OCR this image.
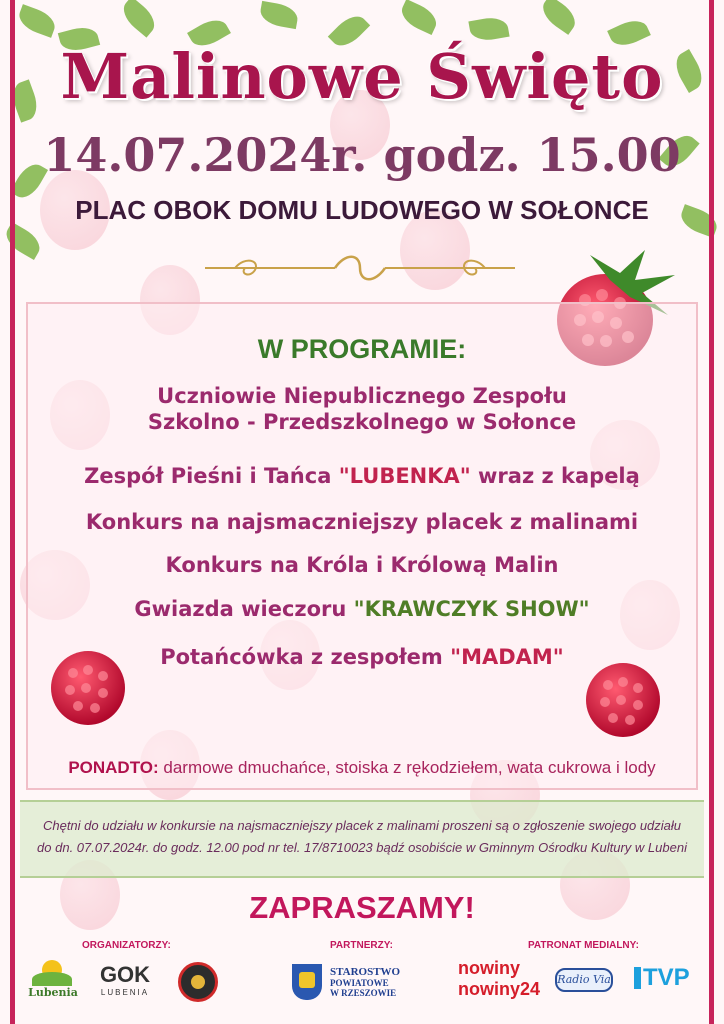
Malinowe Święto
14.07.2024r. godz. 15.00
PLAC OBOK DOMU LUDOWEGO W SOŁONCE
W PROGRAMIE:
Uczniowie Niepublicznego Zespołu
Szkolno - Przedszkolnego w Sołonce
Zespół Pieśni i Tańca "LUBENKA" wraz z kapelą
Konkurs na najsmaczniejszy placek z malinami
Konkurs na Króla i Królową Malin
Gwiazda wieczoru "KRAWCZYK SHOW"
Potańcówka z zespołem "MADAM"
PONADTO: darmowe dmuchańce, stoiska z rękodziełem, wata cukrowa i lody
Chętni do udziału w konkursie na najsmaczniejszy placek z malinami proszeni są o zgłoszenie swojego udziału
do dn. 07.07.2024r. do godz. 12.00 pod nr tel. 17/8710023 bądź osobiście w Gminnym Ośrodku Kultury w Lubeni
ZAPRASZAMY!
ORGANIZATORZY:	PARTNERZY:	PATRONAT MEDIALNY:
Lubenia
GOK
LUBENIA
STAROSTWO
POWIATOWE
W RZESZOWIE
nowiny
nowiny24	Radio Via	TVP
